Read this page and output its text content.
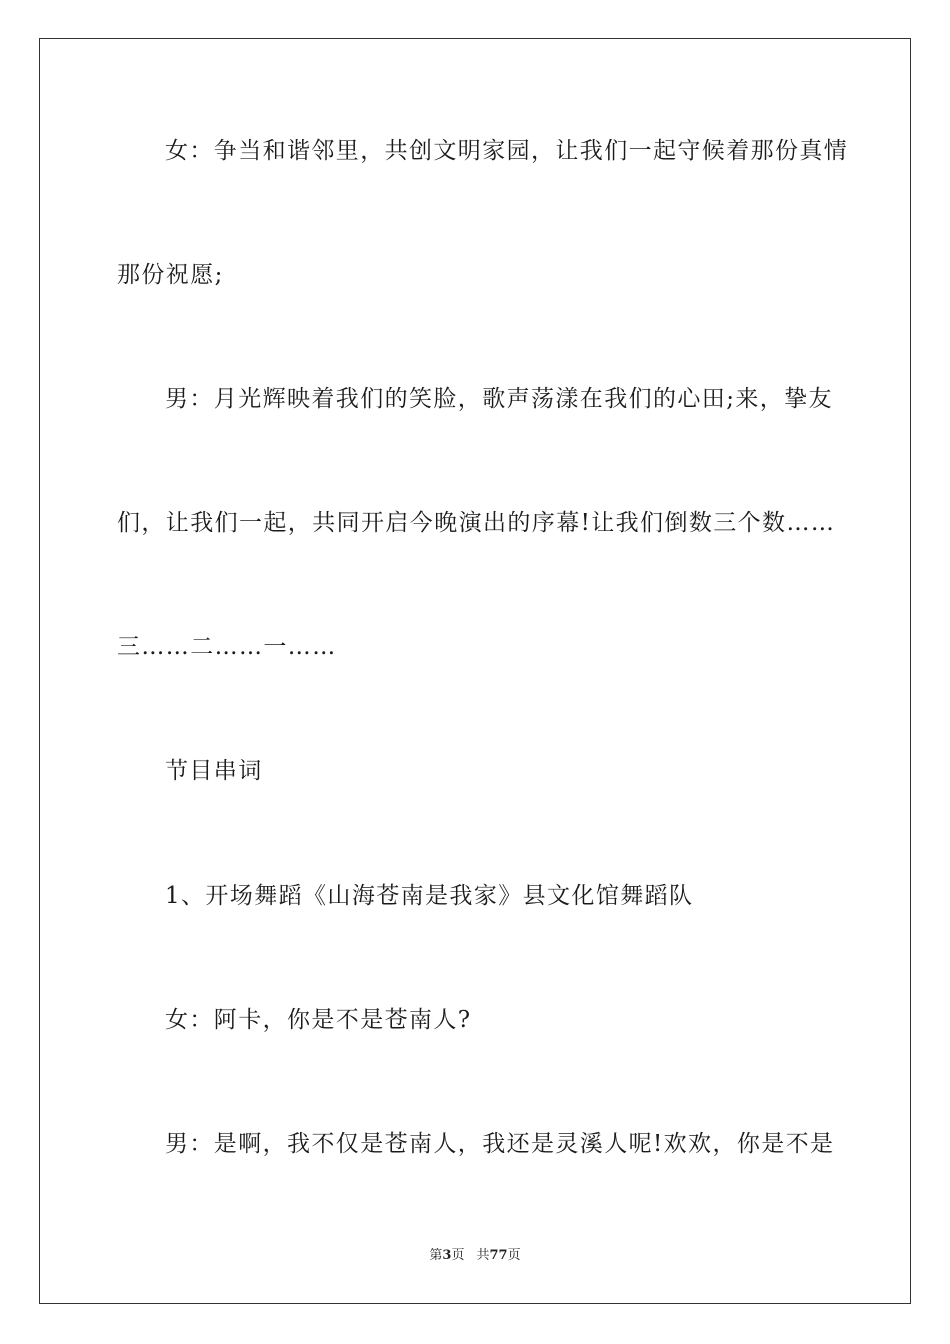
女：争当和谐邻里，共创文明家园，让我们一起守候着那份真情
那份祝愿;
男：月光辉映着我们的笑脸，歌声荡漾在我们的心田;来，挚友
们，让我们一起，共同开启今晚演出的序幕!让我们倒数三个数……
三……二……一……
节目串词
1、开场舞蹈《山海苍南是我家》县文化馆舞蹈队
女：阿卡，你是不是苍南人?
男：是啊，我不仅是苍南人，我还是灵溪人呢!欢欢，你是不是
第3页 共77页
